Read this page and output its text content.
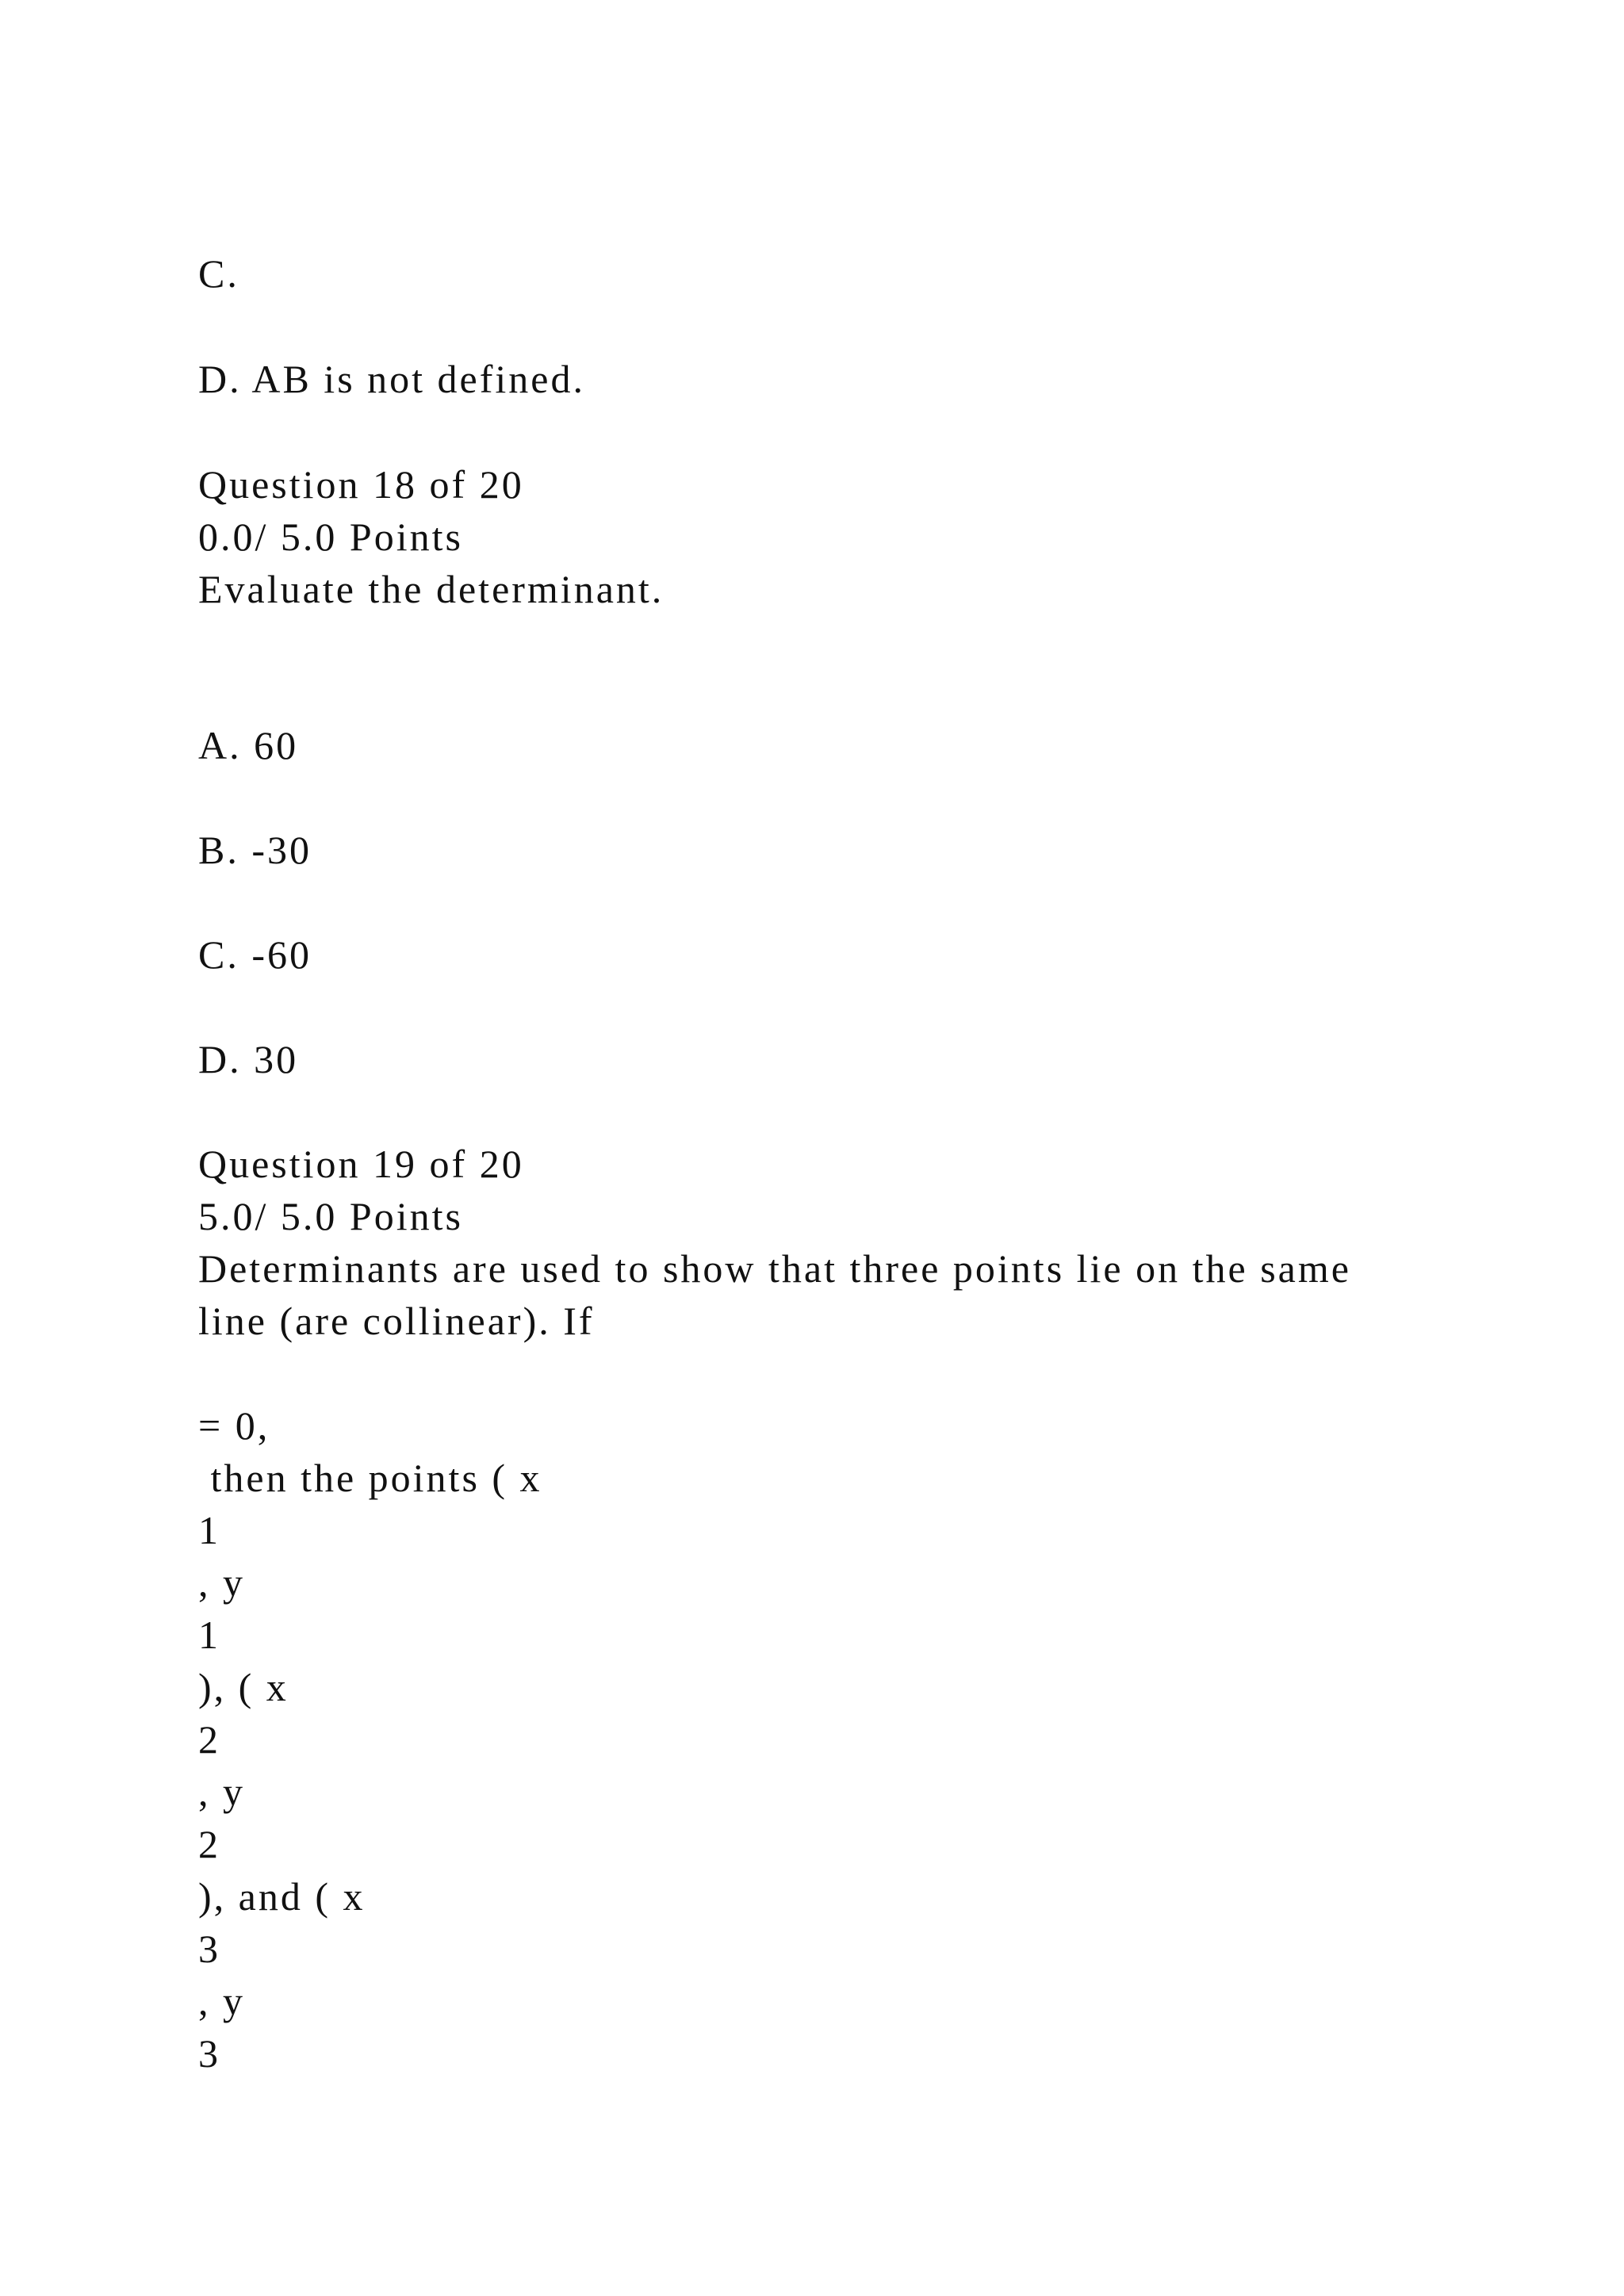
C.
D. AB is not defined.
Question 18 of 20
0.0/ 5.0 Points
Evaluate the determinant.
A. 60
B. -30
C. -60
D. 30
Question 19 of 20
5.0/ 5.0 Points
Determinants are used to show that three points lie on the same
line (are collinear). If
= 0,
then the points ( x
1
, y
1
), ( x
2
, y
2
), and ( x
3
, y
3
